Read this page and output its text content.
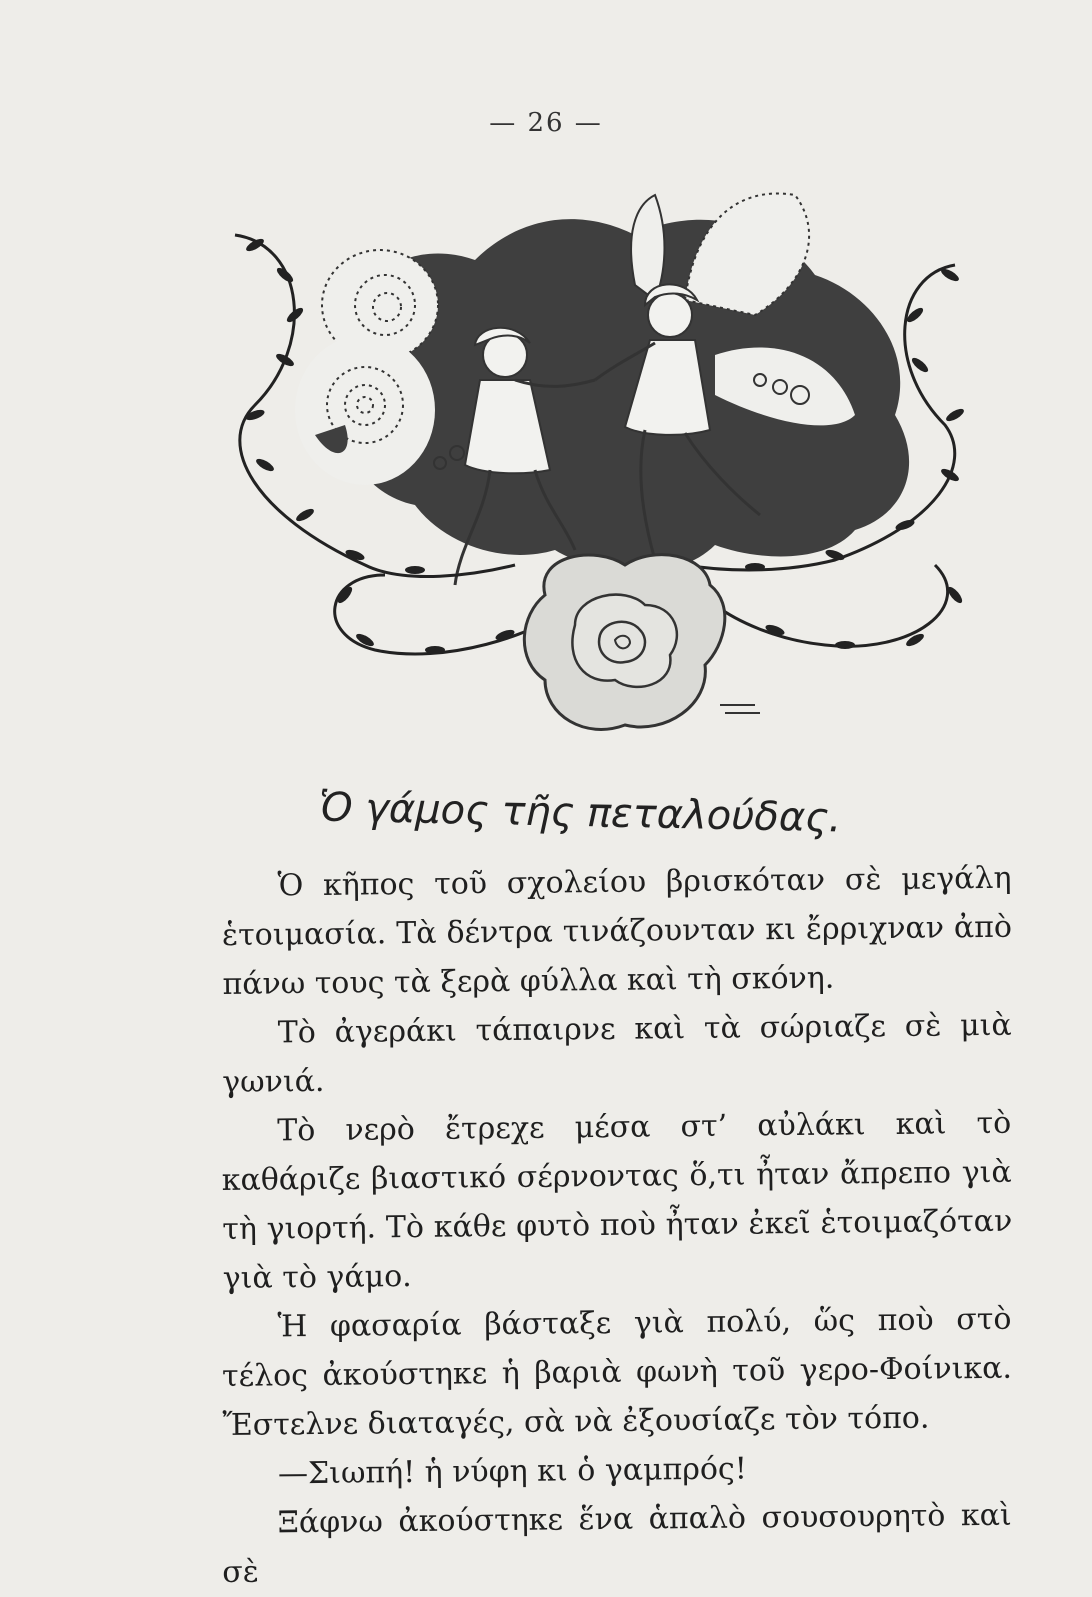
— 26 —
Ὁ γάμος τῆς πεταλούδας.

Ὁ κῆπος τοῦ σχολείου βρισκόταν σὲ μεγάλη ἑτοιμασία. Τὰ δέντρα τινάζουνταν κι ἔρριχναν ἀπὸ πάνω τους τὰ ξερὰ φύλλα καὶ τὴ σκόνη.

Τὸ ἀγεράκι τάπαιρνε καὶ τὰ σώριαζε σὲ μιὰ γωνιά.

Τὸ νερὸ ἔτρεχε μέσα στ’ αὐλάκι καὶ τὸ καθάριζε βιαστικό σέρνοντας ὅ,τι ἦταν ἄπρεπο γιὰ τὴ γιορτή. Τὸ κάθε φυτὸ ποὺ ἦταν ἐκεῖ ἑτοιμαζόταν γιὰ τὸ γάμο.

Ἡ φασαρία βάσταξε γιὰ πολύ, ὥς ποὺ στὸ τέλος ἀκούστηκε ἡ βαριὰ φωνὴ τοῦ γερο-Φοίνικα. Ἔστελνε διαταγές, σὰ νὰ ἐξουσίαζε τὸν τόπο.

—Σιωπή! ἡ νύφη κι ὁ γαμπρός!

Ξάφνω ἀκούστηκε ἕνα ἁπαλὸ σουσουρητὸ καὶ σὲ
